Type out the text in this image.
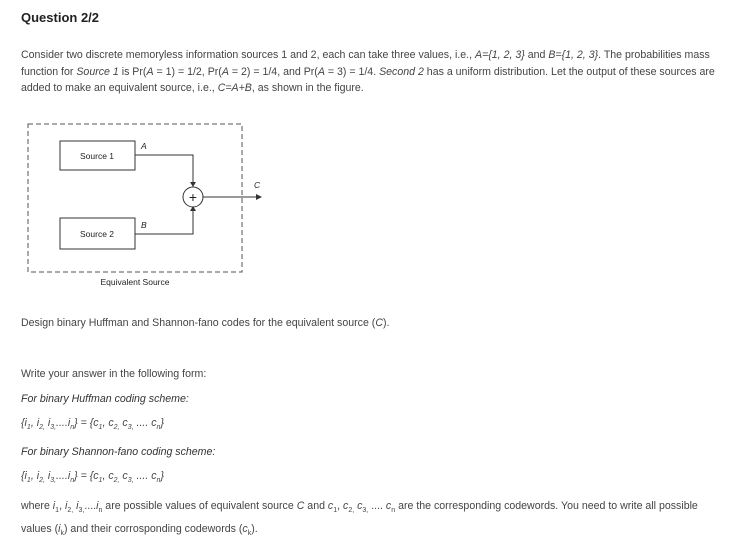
Question 2/2
Consider two discrete memoryless information sources 1 and 2, each can take three values, i.e., A={1, 2, 3} and B={1, 2, 3}. The probabilities mass function for Source 1 is Pr(A = 1) = 1/2, Pr(A = 2) = 1/4, and Pr(A = 3) = 1/4. Second 2 has a uniform distribution. Let the output of these sources are added to make an equivalent source, i.e., C=A+B, as shown in the figure.
Source 1
Source 2
A
B
+
C
Equivalent Source
Design binary Huffman and Shannon-fano codes for the equivalent source (C).
Write your answer in the following form:
For binary Huffman coding scheme:
{$i_1$, $i_{2,}$ $i_{3,}....i_n\} = \{c_1$, $c_{2,}$ $c_{3,}$ .... $c_n$}
For binary Shannon-fano coding scheme:
{$i_1$, $i_{2,}$ $i_{3,}....i_n\} = \{c_1$, $c_{2,}$ $c_{3,}$ .... $c_n$}
where $i_1$, $i_{2,}$ $i_{3,}....i_n$ are possible values of equivalent source C and $c_1$, $c_{2,}$ $c_{3,}$ .... $c_n$ are the corresponding codewords. You need to write all possible values $(i_k)$ and their corrosponding codewords $(c_k)$.
